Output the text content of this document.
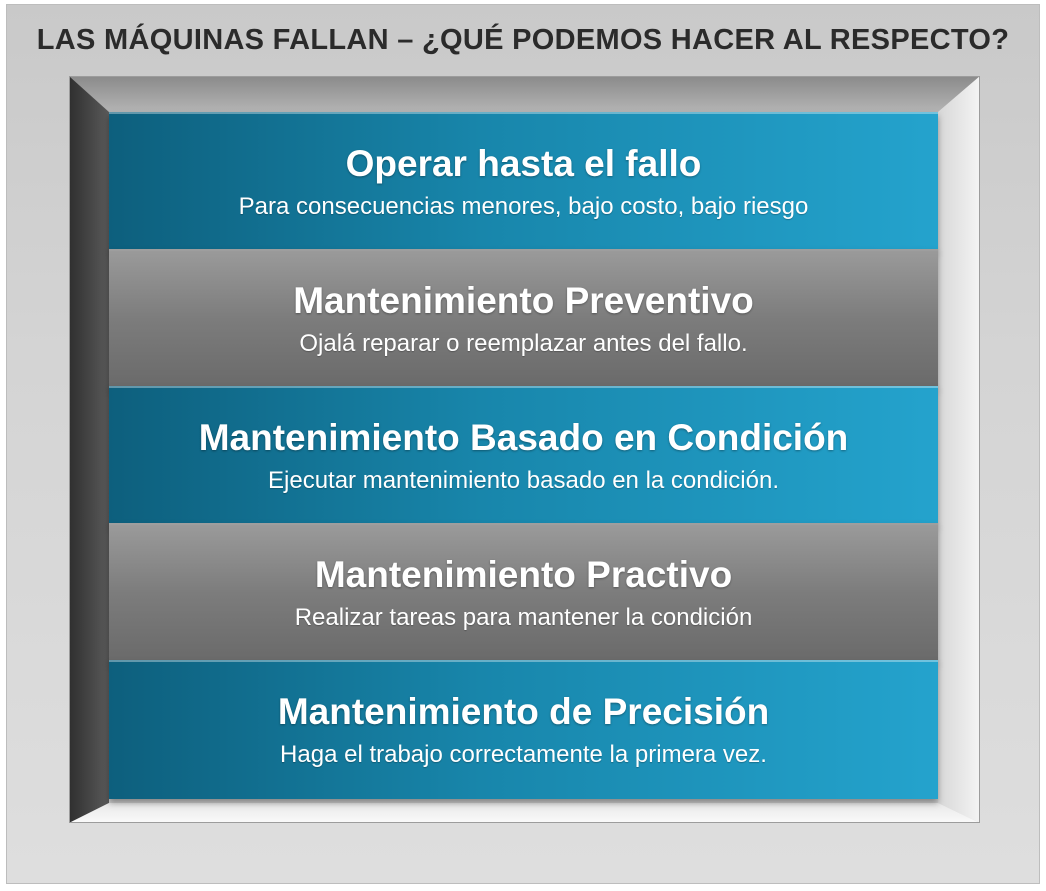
LAS MÁQUINAS FALLAN – ¿QUÉ PODEMOS HACER AL RESPECTO?
Operar hasta el fallo
Para consecuencias menores, bajo costo, bajo riesgo
Mantenimiento Preventivo
Ojalá reparar o reemplazar antes del fallo.
Mantenimiento Basado en Condición
Ejecutar mantenimiento basado en la condición.
Mantenimiento Practivo
Realizar tareas para mantener la condición
Mantenimiento de Precisión
Haga el trabajo correctamente la primera vez.
